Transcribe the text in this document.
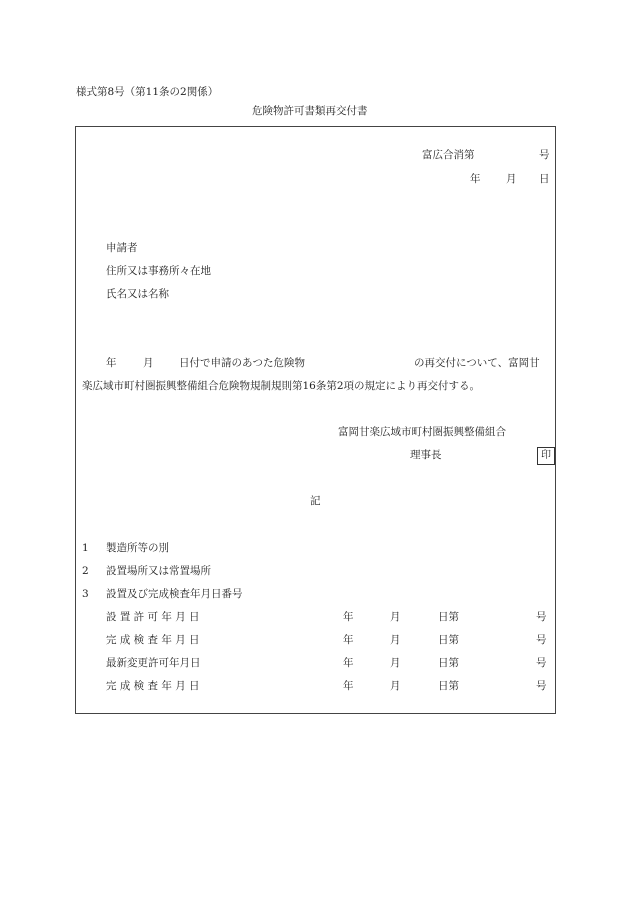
様式第8号（第11条の2関係）
危険物許可書類再交付書
富広合消第	号
年 月 日
申請者
住所又は事務所々在地
氏名又は名称
年	月 日付で申請のあつた危険物	の再交付について、富岡甘
楽広域市町村圏振興整備組合危険物規制規則第16条第2項の規定により再交付する。
富岡甘楽広域市町村圏振興整備組合
理事長	印
記
1 製造所等の別
2 設置場所又は常置場所
3 設置及び完成検査年月日番号
設 置 許 可 年 月 日	年	月	日第	号
完 成 検 査 年 月 日	年	月	日第	号
最新変更許可年月日	年	月	日第	号
完 成 検 査 年 月 日	年	月	日第	号
